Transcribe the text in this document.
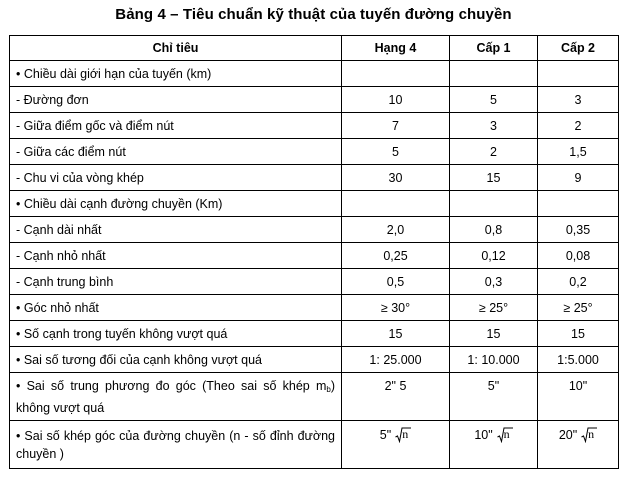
Bảng 4 – Tiêu chuẩn kỹ thuật của tuyến đường chuyền
Chỉ tiêu	Hạng 4	Cấp 1	Cấp 2
• Chiều dài giới hạn của tuyến (km)			
- Đường đơn	10	5	3
- Giữa điểm gốc và điểm nút	7	3	2
- Giữa các điểm nút	5	2	1,5
- Chu vi của vòng khép	30	15	9
• Chiều dài cạnh đường chuyền (Km)			
- Cạnh dài nhất	2,0	0,8	0,35
- Cạnh nhỏ nhất	0,25	0,12	0,08
- Cạnh trung bình	0,5	0,3	0,2
• Góc nhỏ nhất	≥ 30°	≥ 25°	≥ 25°
• Số cạnh trong tuyến không vượt quá	15	15	15
• Sai số tương đối của cạnh không vượt quá	1: 25.000	1: 10.000	1:5.000
• Sai số trung phương đo góc (Theo sai số khép $m_b$) không vượt quá	2" 5	5"	10"
• Sai số khép góc của đường chuyền (n - số đỉnh đường chuyền )	5" n	10" n	20" n
